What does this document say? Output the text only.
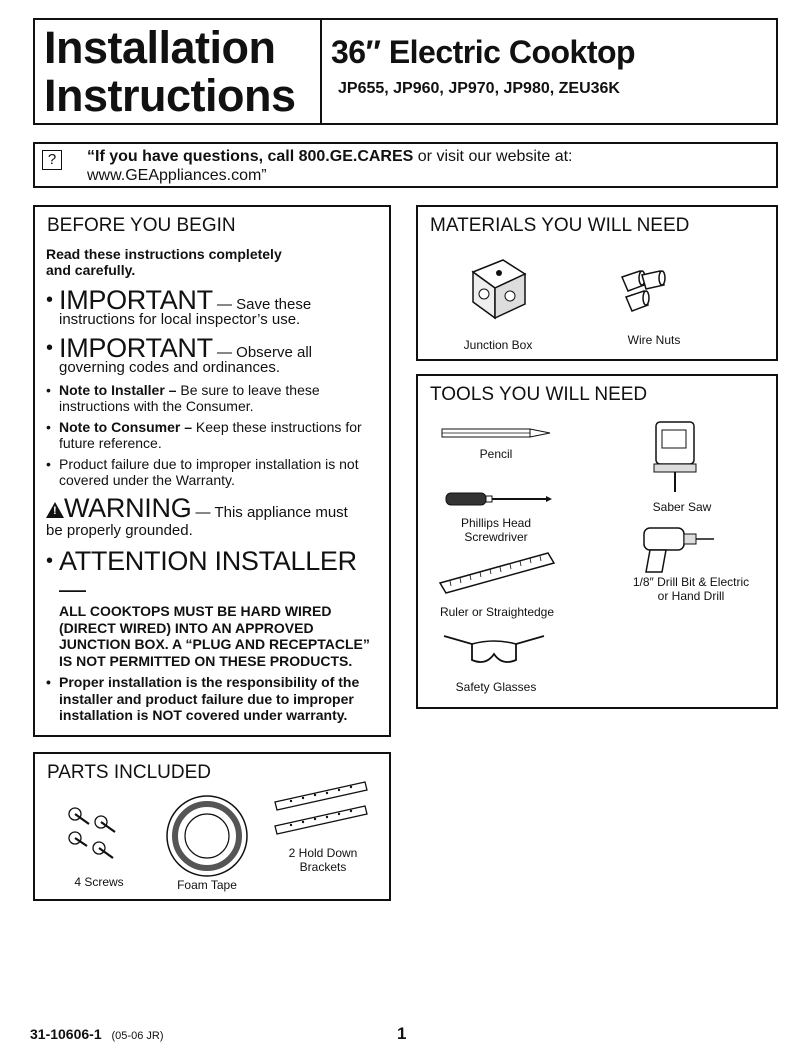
Installation
Instructions
36″ Electric Cooktop
JP655, JP960, JP970, JP980, ZEU36K
?	“If you have questions, call 800.GE.CARES or visit our website at:
www.GEAppliances.com”
BEFORE YOU BEGIN
Read these instructions completely
and carefully.
• IMPORTANT — Save these
instructions for local inspector’s use.
• IMPORTANT — Observe all
governing codes and ordinances.
• Note to Installer – Be sure to leave these instructions with the Consumer.
• Note to Consumer – Keep these instructions for future reference.
• Product failure due to improper installation is not covered under the Warranty.
! WARNING — This appliance must
be properly grounded.
• ATTENTION INSTALLER —
ALL COOKTOPS MUST BE HARD WIRED (DIRECT WIRED) INTO AN APPROVED JUNCTION BOX. A “PLUG AND RECEPTACLE” IS NOT PERMITTED ON THESE PRODUCTS.
• Proper installation is the responsibility of the installer and product failure due to improper installation is NOT covered under warranty.
MATERIALS YOU WILL NEED
Junction Box	Wire Nuts
TOOLS YOU WILL NEED
Pencil
Saber Saw
Phillips Head
Screwdriver
1/8″ Drill Bit & Electric
or Hand Drill
Ruler or Straightedge
Safety Glasses
PARTS INCLUDED
4 Screws	Foam Tape
2 Hold Down
Brackets
31-10606-1 (05-06 JR)	1
